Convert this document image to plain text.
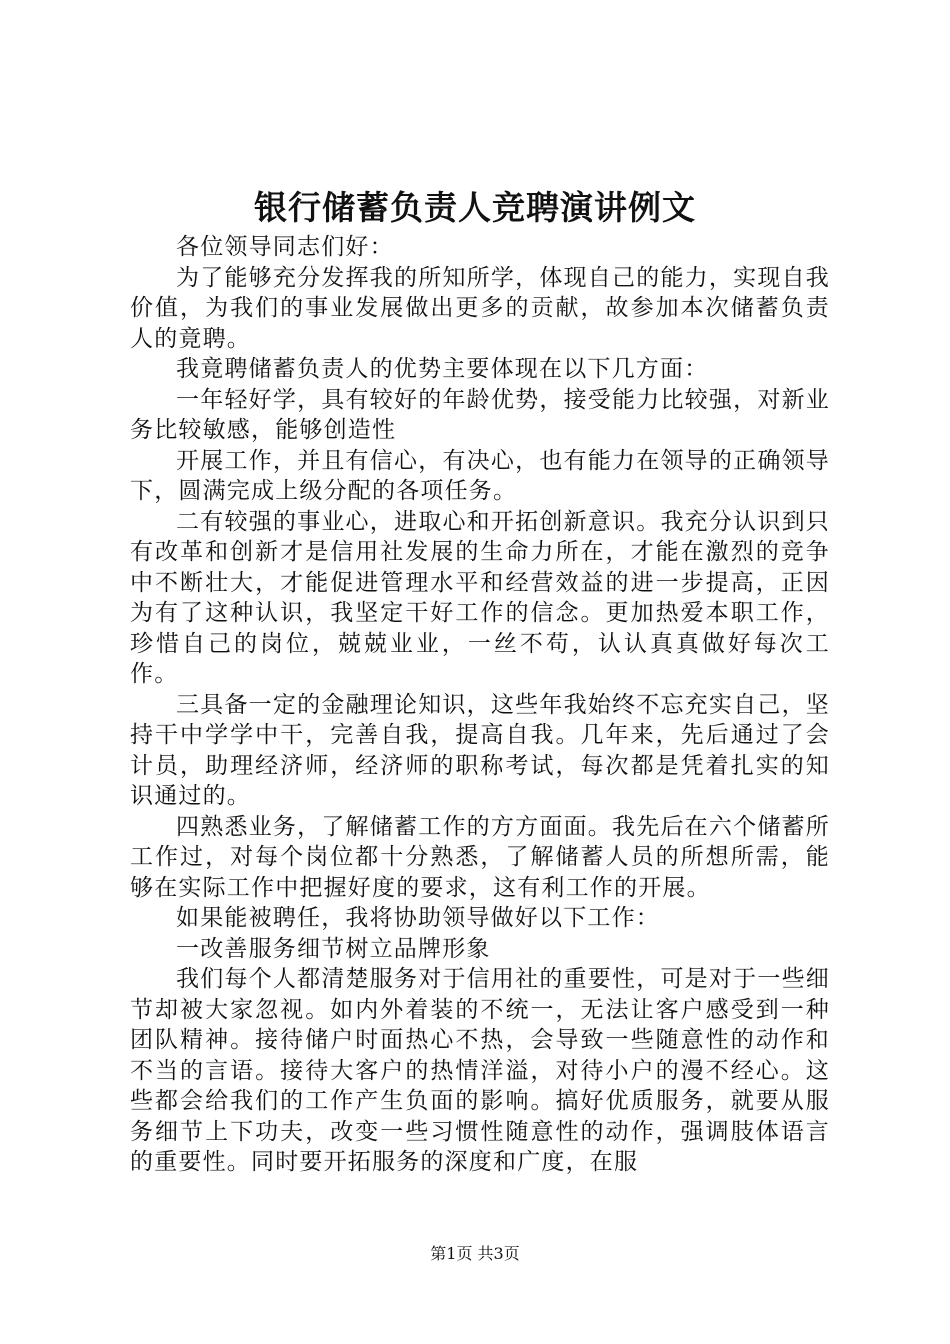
银行储蓄负责人竞聘演讲例文

各位领导同志们好：

为了能够充分发挥我的所知所学，体现自己的能力，实现自我价值，为我们的事业发展做出更多的贡献，故参加本次储蓄负责人的竟聘。

我竟聘储蓄负责人的优势主要体现在以下几方面：

一年轻好学，具有较好的年龄优势，接受能力比较强，对新业务比较敏感，能够创造性

开展工作，并且有信心，有决心，也有能力在领导的正确领导下，圆满完成上级分配的各项任务。

二有较强的事业心，进取心和开拓创新意识。我充分认识到只有改革和创新才是信用社发展的生命力所在，才能在激烈的竞争中不断壮大，才能促进管理水平和经营效益的进一步提高，正因为有了这种认识，我坚定干好工作的信念。更加热爱本职工作，珍惜自己的岗位，兢兢业业，一丝不苟，认认真真做好每次工作。

三具备一定的金融理论知识，这些年我始终不忘充实自己，坚持干中学学中干，完善自我，提高自我。几年来，先后通过了会计员，助理经济师，经济师的职称考试，每次都是凭着扎实的知识通过的。

四熟悉业务，了解储蓄工作的方方面面。我先后在六个储蓄所工作过，对每个岗位都十分熟悉，了解储蓄人员的所想所需，能够在实际工作中把握好度的要求，这有利工作的开展。

如果能被聘任，我将协助领导做好以下工作：

一改善服务细节树立品牌形象

我们每个人都清楚服务对于信用社的重要性，可是对于一些细节却被大家忽视。如内外着装的不统一，无法让客户感受到一种团队精神。接待储户时面热心不热，会导致一些随意性的动作和不当的言语。接待大客户的热情洋溢，对待小户的漫不经心。这些都会给我们的工作产生负面的影响。搞好优质服务，就要从服务细节上下功夫，改变一些习惯性随意性的动作，强调肢体语言的重要性。同时要开拓服务的深度和广度，在服

第1页 共3页
